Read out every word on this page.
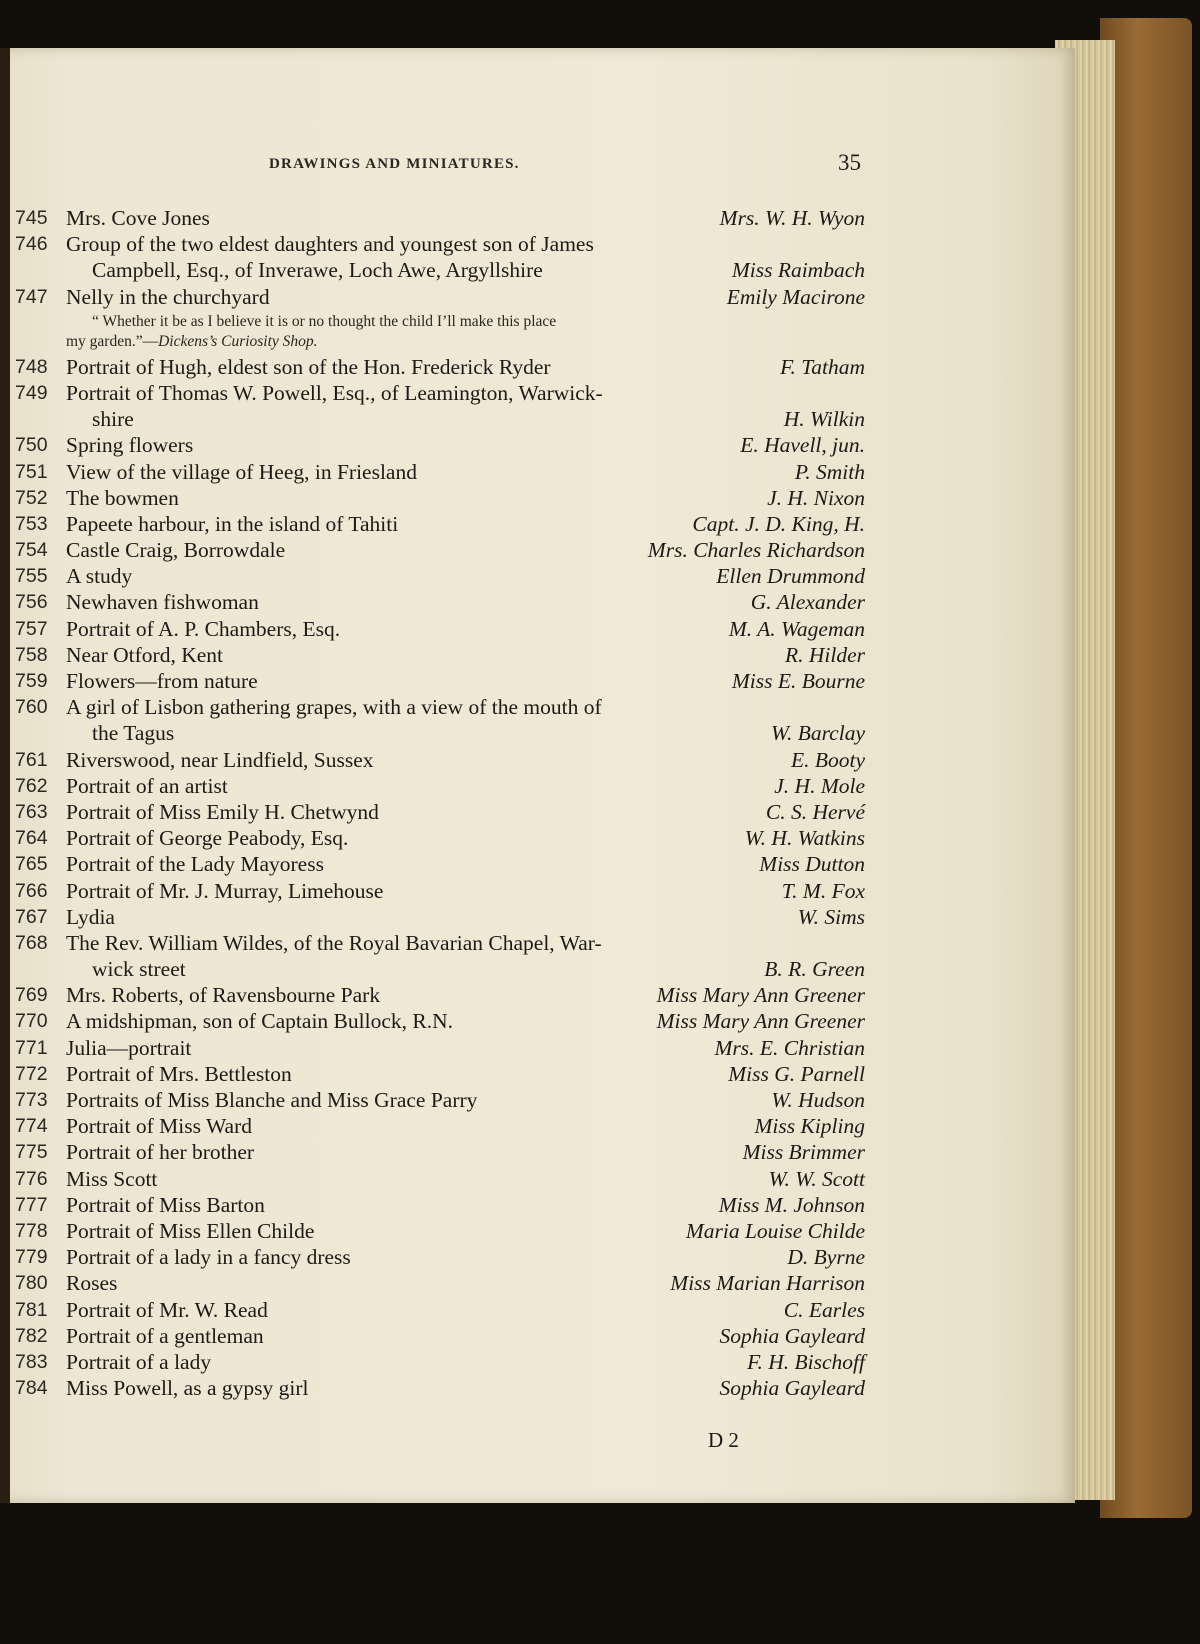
DRAWINGS AND MINIATURES.	35
745 Mrs. Cove Jones	Mrs. W. H. Wyon
746 Group of the two eldest daughters and youngest son of James
Campbell, Esq., of Inverawe, Loch Awe, Argyllshire	Miss Raimbach
747 Nelly in the churchyard	Emily Macirone
“ Whether it be as I believe it is or no thought the child I’ll make this place
my garden.”—Dickens’s Curiosity Shop.
748 Portrait of Hugh, eldest son of the Hon. Frederick Ryder	F. Tatham
749 Portrait of Thomas W. Powell, Esq., of Leamington, Warwick-
shire	H. Wilkin
750 Spring flowers	E. Havell, jun.
751 View of the village of Heeg, in Friesland	P. Smith
752 The bowmen	J. H. Nixon
753 Papeete harbour, in the island of Tahiti	Capt. J. D. King, H.
754 Castle Craig, Borrowdale	Mrs. Charles Richardson
755 A study	Ellen Drummond
756 Newhaven fishwoman	G. Alexander
757 Portrait of A. P. Chambers, Esq.	M. A. Wageman
758 Near Otford, Kent	R. Hilder
759 Flowers—from nature	Miss E. Bourne
760 A girl of Lisbon gathering grapes, with a view of the mouth of
the Tagus	W. Barclay
761 Riverswood, near Lindfield, Sussex	E. Booty
762 Portrait of an artist	J. H. Mole
763 Portrait of Miss Emily H. Chetwynd	C. S. Hervé
764 Portrait of George Peabody, Esq.	W. H. Watkins
765 Portrait of the Lady Mayoress	Miss Dutton
766 Portrait of Mr. J. Murray, Limehouse	T. M. Fox
767 Lydia	W. Sims
768 The Rev. William Wildes, of the Royal Bavarian Chapel, War-
wick street	B. R. Green
769 Mrs. Roberts, of Ravensbourne Park	Miss Mary Ann Greener
770 A midshipman, son of Captain Bullock, R.N.	Miss Mary Ann Greener
771 Julia—portrait	Mrs. E. Christian
772 Portrait of Mrs. Bettleston	Miss G. Parnell
773 Portraits of Miss Blanche and Miss Grace Parry	W. Hudson
774 Portrait of Miss Ward	Miss Kipling
775 Portrait of her brother	Miss Brimmer
776 Miss Scott	W. W. Scott
777 Portrait of Miss Barton	Miss M. Johnson
778 Portrait of Miss Ellen Childe	Maria Louise Childe
779 Portrait of a lady in a fancy dress	D. Byrne
780 Roses	Miss Marian Harrison
781 Portrait of Mr. W. Read	C. Earles
782 Portrait of a gentleman	Sophia Gayleard
783 Portrait of a lady	F. H. Bischoff
784 Miss Powell, as a gypsy girl	Sophia Gayleard
D 2
